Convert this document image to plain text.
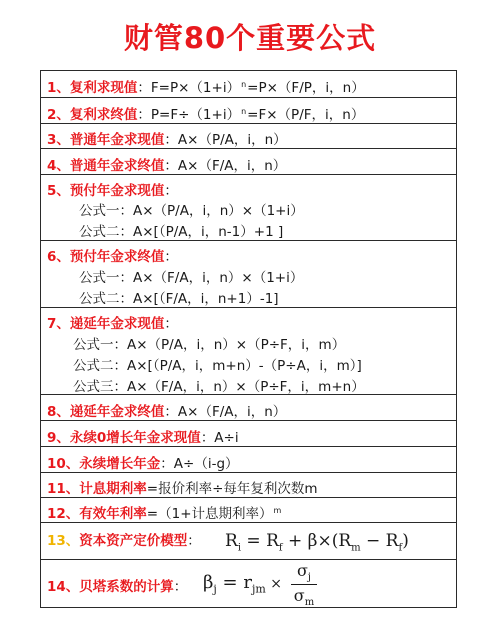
财管80个重要公式
1、复利求现值：$F=P\times(1+i)^n=P\times(F/P$，i，n）
2、复利求终值：$P=F\div(1+i)^n=F\times(P/F$，i，n）
3、普通年金求现值：A×（P/A，i，n）
4、普通年金求终值：A×（F/A，i，n）
5、预付年金求现值：
公式一：A×（P/A，i，n）×（1+i）
公式二：A×[（P/A，i，n-1）+1 ]
6、预付年金求终值：
公式一：A×（F/A，i，n）×（1+i）
公式二：A×[（F/A，i，n+1）-1]
7、递延年金求现值：
公式一：A×（P/A，i，n）×（P÷F，i，m）
公式二：A×[（P/A，i，m+n）-（P÷A，i，m）]
公式三：A×（F/A，i，n）×（P÷F，i，m+n）
8、递延年金求终值：A×（F/A，i，n）
9、永续0增长年金求现值：A÷i
10、永续增长年金：A÷（i-g）
11、计息期利率=报价利率÷每年复利次数m
12、有效年利率=（1+计息期利率）$^m$
13、资本资产定价模型： $R_i = R_f + \beta\times(R_m - R_f)$
14、贝塔系数的计算： $\beta_j = r_{jm}$ ×
$\sigma_j$
$\sigma_m$
